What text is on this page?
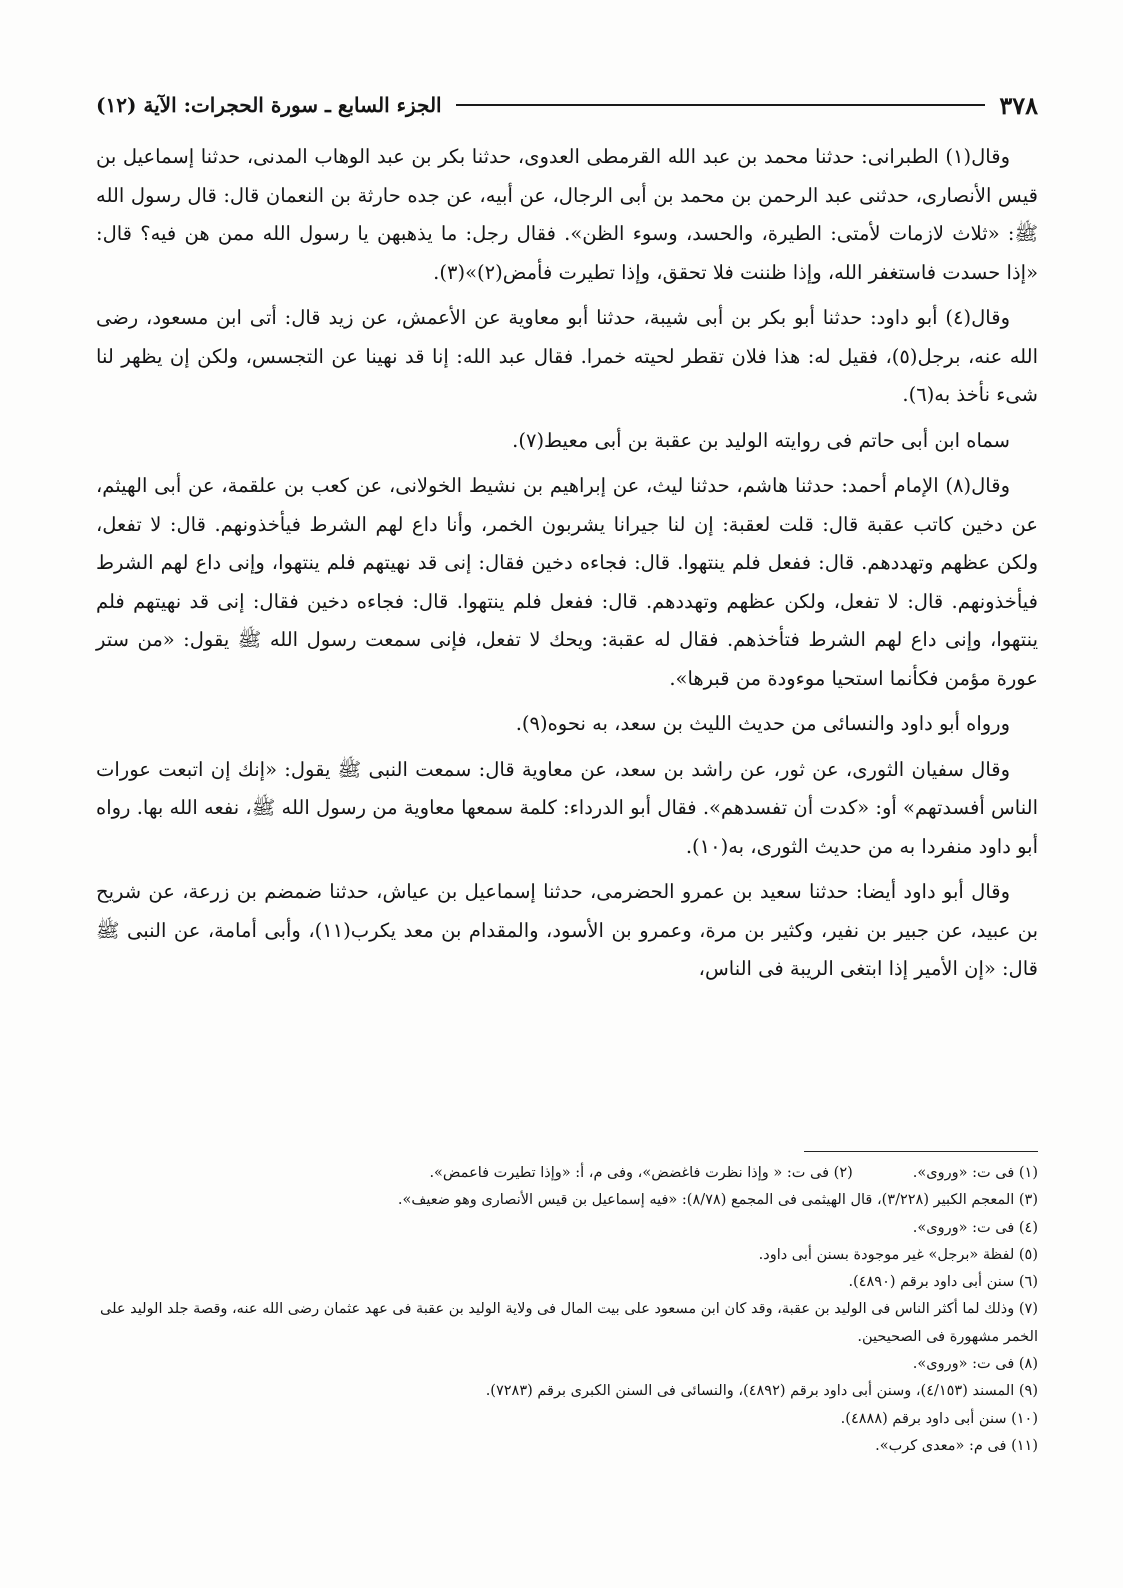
٣٧٨
الجزء السابع ـ سورة الحجرات: الآية (١٢)

وقال(١) الطبرانى: حدثنا محمد بن عبد الله القرمطى العدوى، حدثنا بكر بن عبد الوهاب المدنى، حدثنا إسماعيل بن قيس الأنصارى، حدثنى عبد الرحمن بن محمد بن أبى الرجال، عن أبيه، عن جده حارثة بن النعمان قال: قال رسول الله ﷺ: «ثلاث لازمات لأمتى: الطيرة، والحسد، وسوء الظن». فقال رجل: ما يذهبهن يا رسول الله ممن هن فيه؟ قال: «إذا حسدت فاستغفر الله، وإذا ظننت فلا تحقق، وإذا تطيرت فأمض(٢)»(٣).

وقال(٤) أبو داود: حدثنا أبو بكر بن أبى شيبة، حدثنا أبو معاوية عن الأعمش، عن زيد قال: أتى ابن مسعود، رضى الله عنه، برجل(٥)، فقيل له: هذا فلان تقطر لحيته خمرا. فقال عبد الله: إنا قد نهينا عن التجسس، ولكن إن يظهر لنا شىء نأخذ به(٦).

سماه ابن أبى حاتم فى روايته الوليد بن عقبة بن أبى معيط(٧).

وقال(٨) الإمام أحمد: حدثنا هاشم، حدثنا ليث، عن إبراهيم بن نشيط الخولانى، عن كعب بن علقمة، عن أبى الهيثم، عن دخين كاتب عقبة قال: قلت لعقبة: إن لنا جيرانا يشربون الخمر، وأنا داع لهم الشرط فيأخذونهم. قال: لا تفعل، ولكن عظهم وتهددهم. قال: ففعل فلم ينتهوا. قال: فجاءه دخين فقال: إنى قد نهيتهم فلم ينتهوا، وإنى داع لهم الشرط فيأخذونهم. قال: لا تفعل، ولكن عظهم وتهددهم. قال: ففعل فلم ينتهوا. قال: فجاءه دخين فقال: إنى قد نهيتهم فلم ينتهوا، وإنى داع لهم الشرط فتأخذهم. فقال له عقبة: ويحك لا تفعل، فإنى سمعت رسول الله ﷺ يقول: «من ستر عورة مؤمن فكأنما استحيا موءودة من قبرها».

ورواه أبو داود والنسائى من حديث الليث بن سعد، به نحوه(٩).

وقال سفيان الثورى، عن ثور، عن راشد بن سعد، عن معاوية قال: سمعت النبى ﷺ يقول: «إنك إن اتبعت عورات الناس أفسدتهم» أو: «كدت أن تفسدهم». فقال أبو الدرداء: كلمة سمعها معاوية من رسول الله ﷺ، نفعه الله بها. رواه أبو داود منفردا به من حديث الثورى، به(١٠).

وقال أبو داود أيضا: حدثنا سعيد بن عمرو الحضرمى، حدثنا إسماعيل بن عياش، حدثنا ضمضم بن زرعة، عن شريح بن عبيد، عن جبير بن نفير، وكثير بن مرة، وعمرو بن الأسود، والمقدام بن معد يكرب(١١)، وأبى أمامة، عن النبى ﷺ قال: «إن الأمير إذا ابتغى الريبة فى الناس،

(١) فى ت: «وروى».(٢) فى ت: « وإذا نظرت فاغضض»، وفى م، أ: «وإذا تطيرت فاعمض».

(٣) المعجم الكبير (٣/٢٢٨)، قال الهيثمى فى المجمع (٨/٧٨): «فيه إسماعيل بن قيس الأنصارى وهو ضعيف».

(٤) فى ت: «وروى».

(٥) لفظة «برجل» غير موجودة بسنن أبى داود.

(٦) سنن أبى داود برقم (٤٨٩٠).

(٧) وذلك لما أكثر الناس فى الوليد بن عقبة، وقد كان ابن مسعود على بيت المال فى ولاية الوليد بن عقبة فى عهد عثمان رضى الله عنه، وقصة جلد الوليد على الخمر مشهورة فى الصحيحين.

(٨) فى ت: «وروى».

(٩) المسند (٤/١٥٣)، وسنن أبى داود برقم (٤٨٩٢)، والنسائى فى السنن الكبرى برقم (٧٢٨٣).

(١٠) سنن أبى داود برقم (٤٨٨٨).

(١١) فى م: «معدى كرب».
